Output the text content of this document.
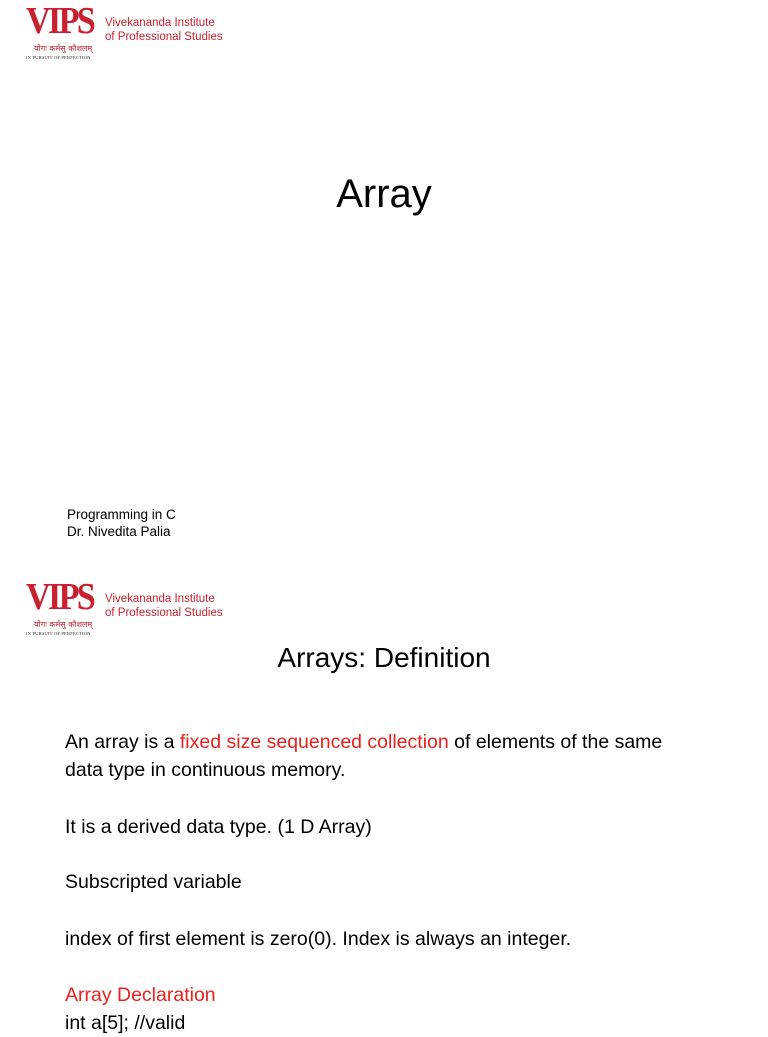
VIPS
योगः कर्मसु कौशलम्
IN PURSUIT OF PERFECTION
Vivekananda Institute
of Professional Studies
Array
Programming in C
Dr. Nivedita Palia
VIPS
योगः कर्मसु कौशलम्
IN PURSUIT OF PERFECTION
Vivekananda Institute
of Professional Studies
Arrays: Definition
An array is a fixed size sequenced collection of elements of the same data type in continuous memory.
It is a derived data type. (1 D Array)
Subscripted variable
index of first element is zero(0). Index is always an integer.
Array Declaration
int a[5]; //valid
